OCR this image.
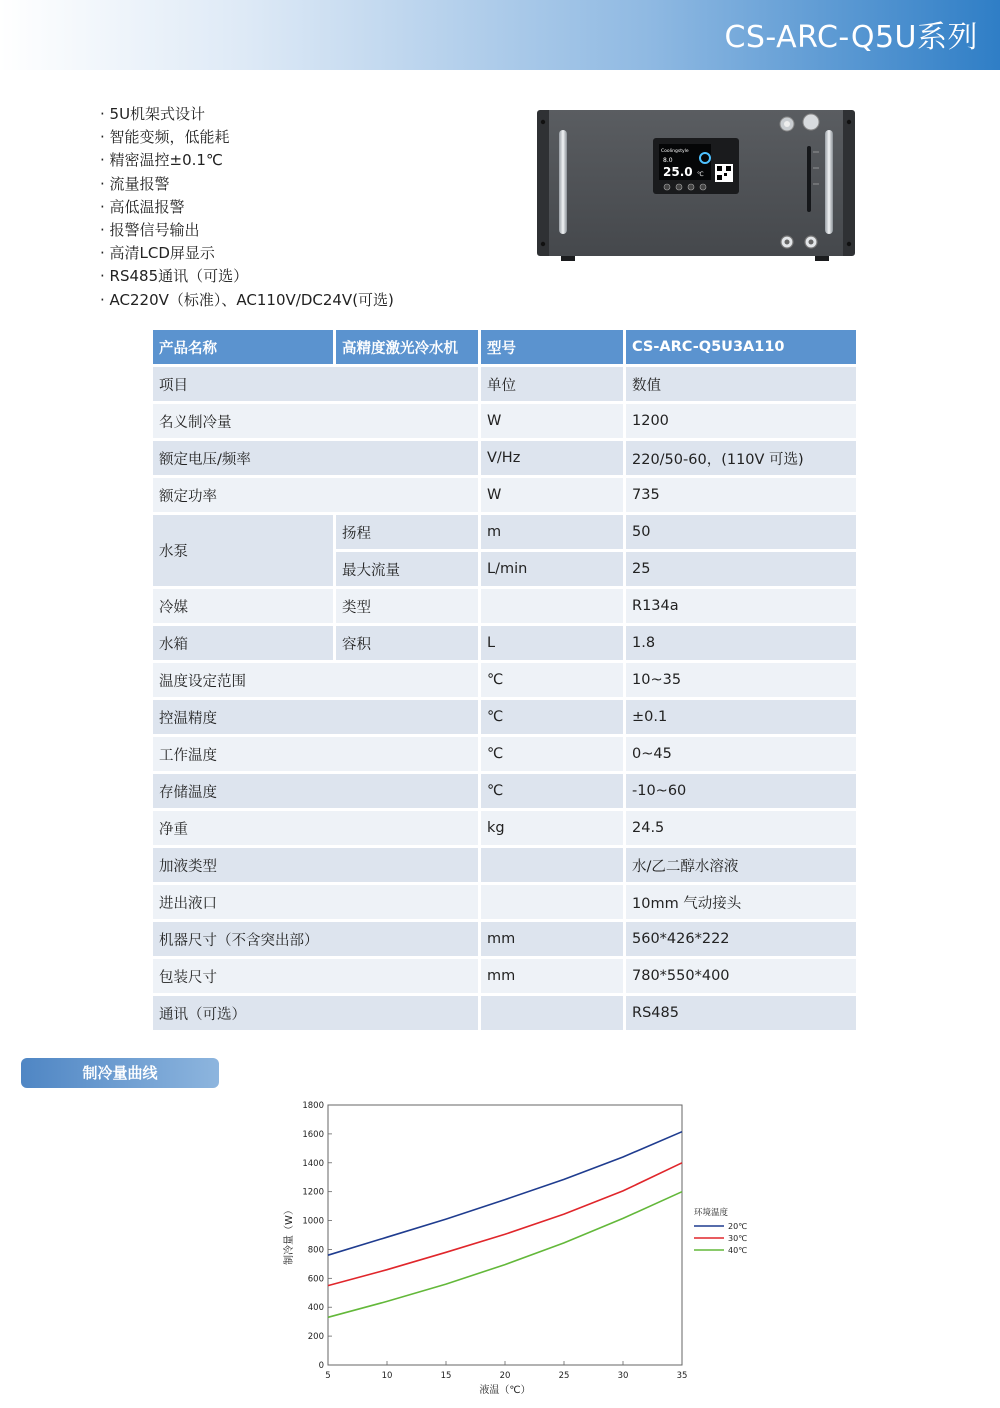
CS-ARC-Q5U系列
· 5U机架式设计
· 智能变频，低能耗
· 精密温控±0.1℃
· 流量报警
· 高低温报警
· 报警信号输出
· 高清LCD屏显示
· RS485通讯（可选）
· AC220V（标准）、AC110V/DC24V(可选)
Coolingstyle
8.0
25.0 ℃
产品名称	高精度激光冷水机	型号	CS-ARC-Q5U3A110
项目		单位	数值
名义制冷量		W	1200
额定电压/频率		V/Hz	220/50-60，(110V 可选)
额定功率		W	735
水泵	扬程	m	50
	最大流量	L/min	25
冷媒	类型		R134a
水箱	容积	L	1.8
温度设定范围		℃	10~35
控温精度		℃	±0.1
工作温度		℃	0~45
存储温度		℃	-10~60
净重		kg	24.5
加液类型			水/乙二醇水溶液
进出液口			10mm 气动接头
机器尺寸（不含突出部）		mm	560*426*222
包装尺寸		mm	780*550*400
通讯（可选）			RS485
制冷量曲线
5	10	15	20	25	30	35
0
200
400
600
800
1000
1200
1400
1600
1800
环境温度
20℃
30℃
40℃
液温（℃）
制冷量（W）
